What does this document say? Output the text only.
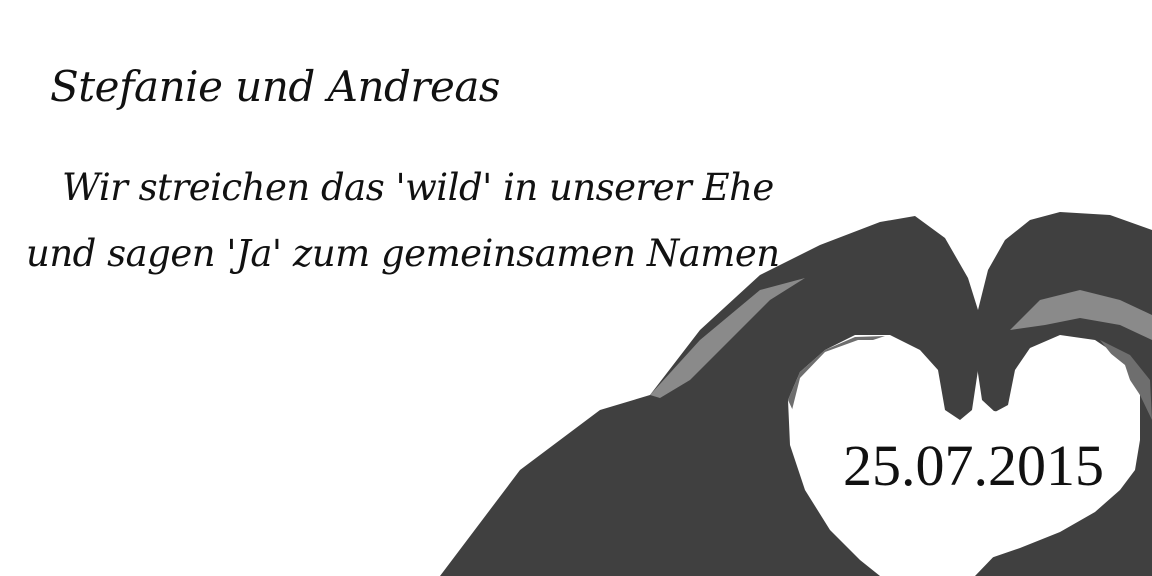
Stefanie und Andreas
Wir streichen das 'wild' in unserer Ehe
und sagen 'Ja' zum gemeinsamen Namen
25.07.2015
